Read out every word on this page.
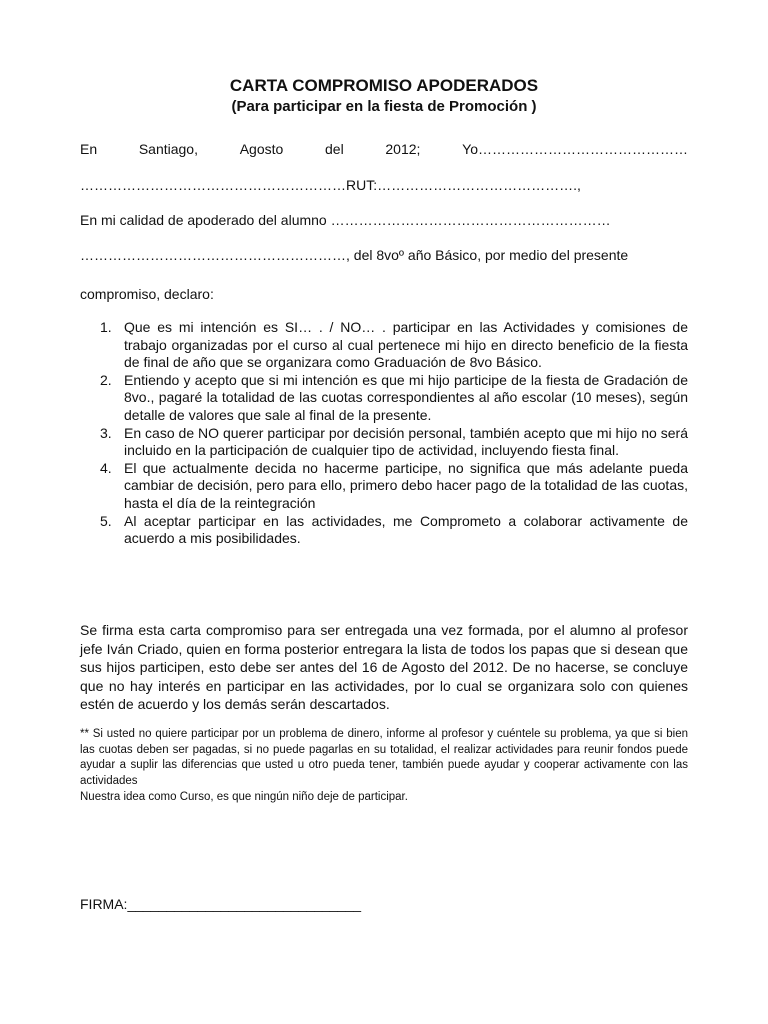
CARTA COMPROMISO APODERADOS
(Para participar en la fiesta de Promoción )
En	Santiago,	Agosto	del	2012;	Yo………………………………………
…………………………………………………RUT:…………………………………….,
En mi calidad de apoderado del alumno ……………………………………………………
…………………………………………………, del 8voº año Básico, por medio del presente
compromiso, declaro:
1. Que es mi intención es SI… . / NO… . participar en las Actividades y comisiones de trabajo organizadas por el curso al cual pertenece mi hijo en directo beneficio de la fiesta de final de año que se organizara como Graduación de 8vo Básico.
2. Entiendo y acepto que si mi intención es que mi hijo participe de la fiesta de Gradación de 8vo., pagaré la totalidad de las cuotas correspondientes al año escolar (10 meses), según detalle de valores que sale al final de la presente.
3. En caso de NO querer participar por decisión personal, también acepto que mi hijo no será incluido en la participación de cualquier tipo de actividad, incluyendo fiesta final.
4. El que actualmente decida no hacerme participe, no significa que más adelante pueda cambiar de decisión, pero para ello, primero debo hacer pago de la totalidad de las cuotas, hasta el día de la reintegración
5. Al aceptar participar en las actividades, me Comprometo a colaborar activamente de acuerdo a mis posibilidades.

Se firma esta carta compromiso para ser entregada una vez formada, por el alumno al profesor jefe Iván Criado, quien en forma posterior entregara la lista de todos los papas que si desean que sus hijos participen, esto debe ser antes del 16 de Agosto del 2012. De no hacerse, se concluye que no hay interés en participar en las actividades, por lo cual se organizara solo con quienes estén de acuerdo y los demás serán descartados.

** Si usted no quiere participar por un problema de dinero, informe al profesor y cuéntele su problema, ya que si bien las cuotas deben ser pagadas, si no puede pagarlas en su totalidad, el realizar actividades para reunir fondos puede ayudar a suplir las diferencias que usted u otro pueda tener, también puede ayudar y cooperar activamente con las actividades

Nuestra idea como Curso, es que ningún niño deje de participar.

FIRMA:______________________________
